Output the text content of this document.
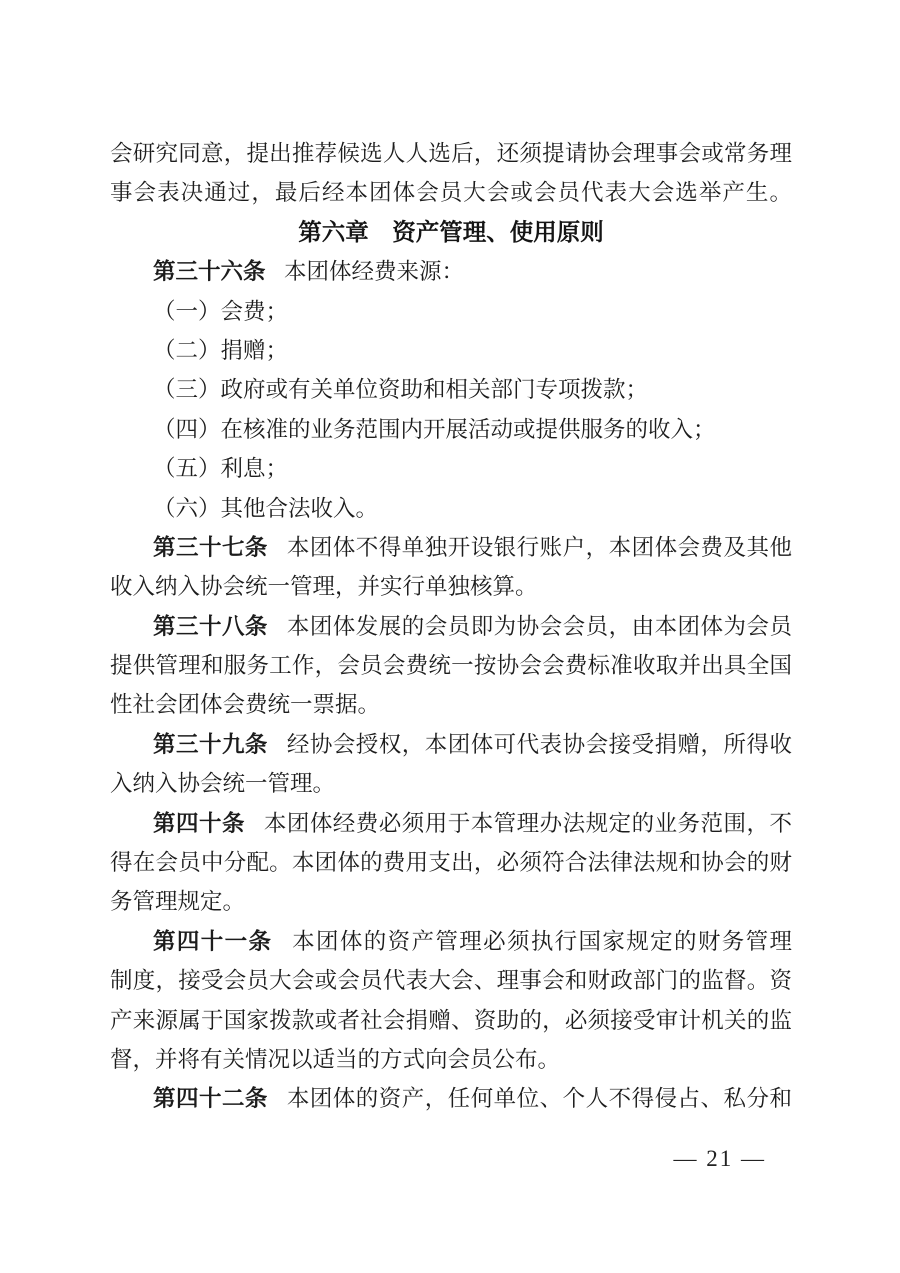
会研究同意，提出推荐候选人人选后，还须提请协会理事会或常务理
事会表决通过，最后经本团体会员大会或会员代表大会选举产生。
第六章　资产管理、使用原则
第三十六条 本团体经费来源：
（一）会费；
（二）捐赠；
（三）政府或有关单位资助和相关部门专项拨款；
（四）在核准的业务范围内开展活动或提供服务的收入；
（五）利息；
（六）其他合法收入。
第三十七条 本团体不得单独开设银行账户，本团体会费及其他
收入纳入协会统一管理，并实行单独核算。
第三十八条 本团体发展的会员即为协会会员，由本团体为会员
提供管理和服务工作，会员会费统一按协会会费标准收取并出具全国
性社会团体会费统一票据。
第三十九条 经协会授权，本团体可代表协会接受捐赠，所得收
入纳入协会统一管理。
第四十条 本团体经费必须用于本管理办法规定的业务范围，不
得在会员中分配。本团体的费用支出，必须符合法律法规和协会的财
务管理规定。
第四十一条 本团体的资产管理必须执行国家规定的财务管理
制度，接受会员大会或会员代表大会、理事会和财政部门的监督。资
产来源属于国家拨款或者社会捐赠、资助的，必须接受审计机关的监
督，并将有关情况以适当的方式向会员公布。
第四十二条 本团体的资产，任何单位、个人不得侵占、私分和
— 21 —
